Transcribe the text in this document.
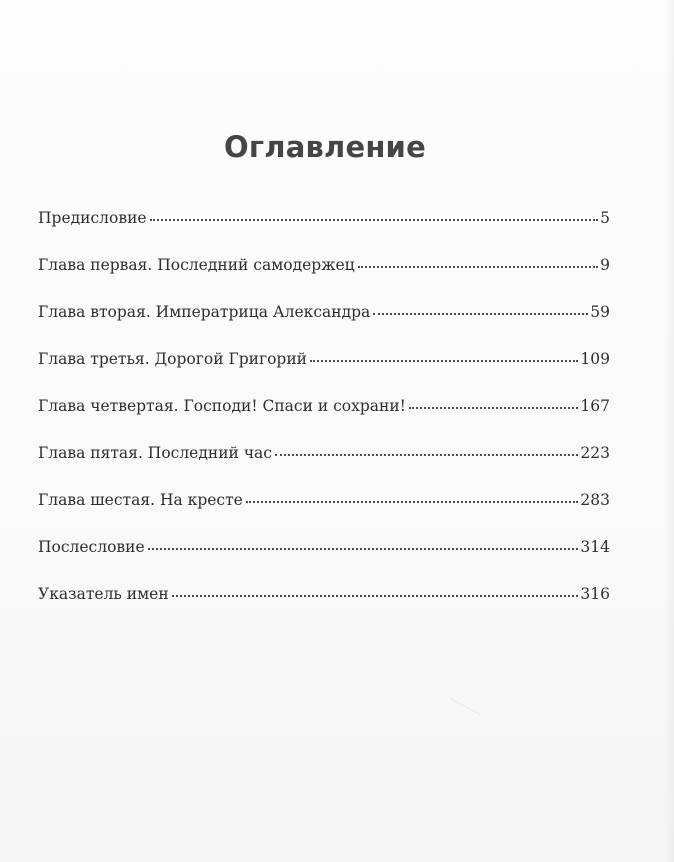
Оглавление
Предисловие	5
Глава первая. Последний самодержец	9
Глава вторая. Императрица Александра	59
Глава третья. Дорогой Григорий	109
Глава четвертая. Господи! Спаси и сохрани!	167
Глава пятая. Последний час	223
Глава шестая. На кресте	283
Послесловие	314
Указатель имен	316
